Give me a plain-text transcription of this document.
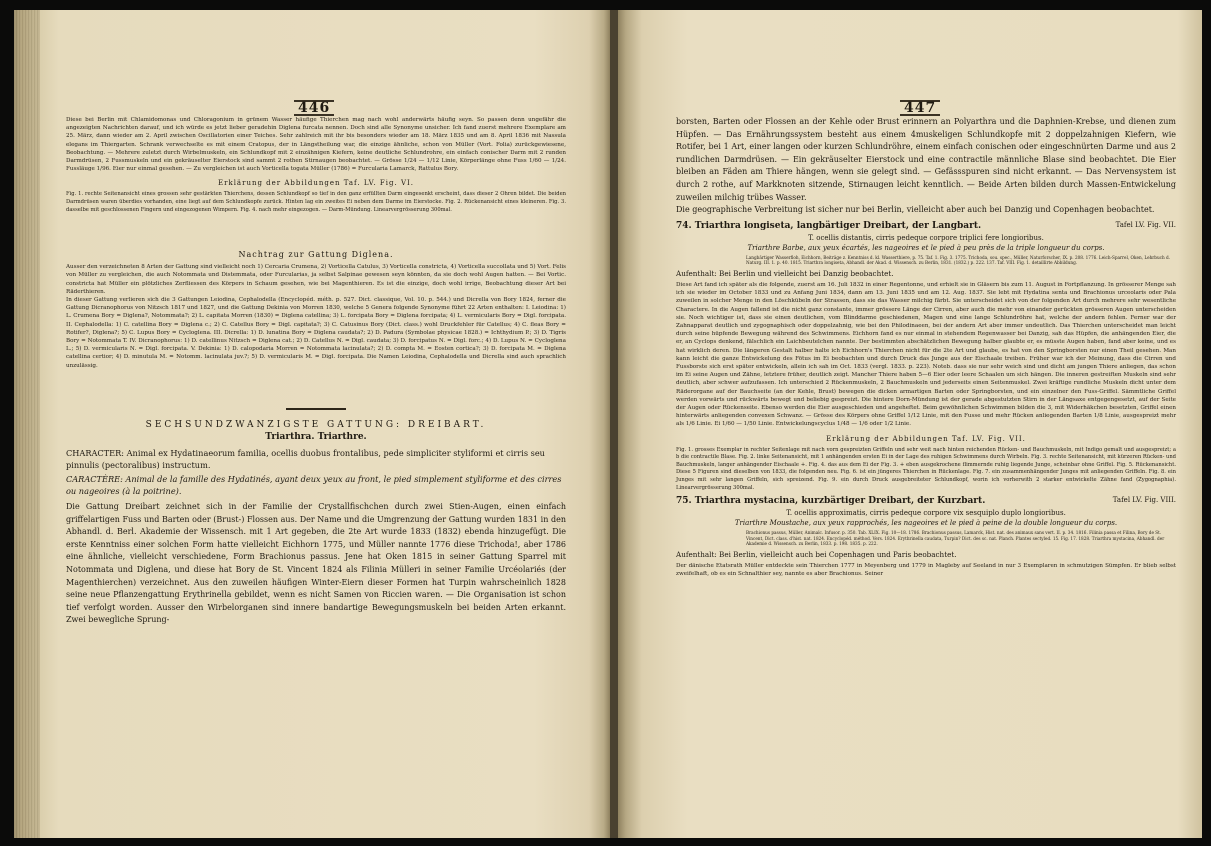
446

Diese bei Berlin mit Chlamidomonas und Chloragonium in grünem Wasser häufige Thierchen mag nach wohl anderwärts häufig seyn. So passen denn ungefähr die angezeigten Nachrichten darauf, und ich würde es jetzt lieber geradehin Diglena furcata nennen. Doch sind alle Synonyme unsicher. Ich fand zuerst mehrere Exemplare am 25. März, dann wieder am 2. April zwischen Oscillatorien einer Teiches. Sehr zahlreich mit ihr bis besonders wieder am 18. März 1835 und am 8. April 1836 mit Nassula elegans im Thiergarten. Schrank verwechselte es mit einem Cratopus, der in Längstheilung war, die einzige ähnliche, schon von Müller (Vort. Folia) zurückgewiesene, Beobachtung. — Mehrere zuletzt durch Wirbelmuskeln, ein Schlundkopf mit 2 einzähnigen Kiefern, keine deutliche Schlundrohre, ein einfach conischer Darm mit 2 runden Darmdrüsen, 2 Fussmuskeln und ein gekräuselter Eierstock sind sammt 2 rothen Stirnaugen beobachtet. — Grösse 1/24 — 1/12 Linie, Körperlänge ohne Fuss 1/60 — 1/24. Fussläuge 1/96. Eier nur einmal gesehen. — Zu vergleichen ist auch Vorticella togata Müller (1786) = Furcularia Lamarck, Rattulus Bory.

Erklärung der Abbildungen Taf. LV. Fig. VI.

Fig. 1. rechte Seitenansicht eines grossen sehr gestärkten Thierchens, dessen Schlundkopf so tief in den ganz erfüllten Darm eingesenkt erscheint, dass dieser 2 Ohren bildet. Die beiden Darmdrüsen waren überdies vorhanden, eine liegt auf dem Schlundkopfe zurück. Hinten lag ein zweites Ei neben dem Darme im Eierstocke. Fig. 2. Rückenansicht eines kleineren. Fig. 3. dasselbe mit geschlossenen Fingern und eingezogenen Wimpern. Fig. 4. nach mehr eingezogen. — Darm-Mündung. Linearvergrösserung 300mal.

Nachtrag zur Gattung Diglena.

Ausser den verzeichneten 8 Arten der Gattung sind vielleicht noch 1) Cercaria Crumena, 2) Vorticella Catulus, 3) Vorticella constricta, 4) Vorticella succollata und 5) Vort. Felis von Müller zu vergleichen, die auch Notommata und Distemmata, oder Furcularias, ja selbst Salpinae gewesen seyn könnten, da sie doch wohl Augen hatten. — Bei Vortic. constricta hat Müller ein plötzliches Zerfliessen des Körpers in Schaum gesehen, wie bei Magenthieren. Es ist die einzige, doch wohl irrige, Beobachtung dieser Art bei Räderthieren.

In dieser Gattung verlieren sich die 3 Gattungen Leiodina, Cephalodella (Encyclopéd. méth. p. 527. Dict. classique, Vol. 10. p. 544.) und Dicrella von Bory 1824, ferner die Gattung Dicranophorus von Nitzsch 1817 und 1827, und die Gattung Dekinia von Morren 1830, welche 5 Genera folgende Synonyme führt 22 Arten enthalten: I. Leiodina: 1) L. Crumena Bory = Diglena?, Notommata?; 2) L. capitata Morren (1830) = Diglena catellina; 3) L. forcipata Bory = Diglena forcipata; 4) L. vermicularis Bory = Digl. forcipata. II. Cephalodella: 1) C. catellina Bory = Diglena c.; 2) C. Catellus Bory = Digl. capitata?; 3) C. Catusinus Bory (Dict. class.) wohl Druckfehler für Catellus; 4) C. fleas Bory = Rotifer?, Diglena?; 5) C. Lupus Bory = Cycloglena. III. Dicrella: 1) D. lunatina Bory = Diglena caudata?; 2) D. Padura (Symbolae physicae 1828.) = Ichthydium P.; 3) D. Tigris Bory = Notommata T. IV. Dicranophorus: 1) D. catellinus Nitzsch = Diglena cat.; 2) D. Catellus N. = Digl. caudata; 3) D. forcipatus N. = Digl. forc.; 4) D. Lupus N. = Cycloglena L.; 5) D. vermicularis N. = Digl. forcipata. V. Dekinia: 1) D. calopodaria Morren = Notommata lacinulata?; 2) D. compta M. = Eosten cortica?; 3) D. forcipata M. = Diglena catellina certior; 4) D. minutula M. = Notomm. lacinulata juv.?; 5) D. vermicularis M. = Digl. forcipata. Die Namen Leiodina, Cephalodella und Dicrella sind auch sprachlich unzulässig.

SECHSUNDZWANZIGSTE GATTUNG: DREIBART.
Triarthra. Triarthre.

CHARACTER: Animal ex Hydatinaeorum familia, ocellis duobus frontalibus, pede simpliciter styliformi et cirris seu pinnulis (pectoralibus) instructum.

CARACTÈRE: Animal de la famille des Hydatinés, ayant deux yeux au front, le pied simplement styliforme et des cirres ou nageoires (à la poitrine).

Die Gattung Dreibart zeichnet sich in der Familie der Crystallfischchen durch zwei Stien-Augen, einen einfach griffelartigen Fuss und Barten oder (Brust-) Flossen aus. Der Name und die Umgrenzung der Gattung wurden 1831 in den Abhandl. d. Berl. Akademie der Wissensch. mit 1 Art gegeben, die 2te Art wurde 1833 (1832) ebenda hinzugefügt. Die erste Kenntniss einer solchen Form hatte vielleicht Eichhorn 1775, und Müller nannte 1776 diese Trichoda!, aber 1786 eine ähnliche, vielleicht verschiedene, Form Brachionus passus. Jene hat Oken 1815 in seiner Gattung Sparrel mit Notommata und Diglena, und diese hat Bory de St. Vincent 1824 als Filinia Mülleri in seiner Familie Urcéolariés (der Magenthierchen) verzeichnet. Aus den zuweilen häufigen Winter-Eiern dieser Formen hat Turpin wahrscheinlich 1828 seine neue Pflanzengattung Erythrinella gebildet, wenn es nicht Samen von Riccien waren. — Die Organisation ist schon tief verfolgt worden. Ausser den Wirbelorganen sind innere bandartige Bewegungsmuskeln bei beiden Arten erkannt. Zwei bewegliche Sprung-

447

borsten, Barten oder Flossen an der Kehle oder Brust erinnern an Polyarthra und die Daphnien-Krebse, und dienen zum Hüpfen. — Das Ernährungssystem besteht aus einem 4muskeligen Schlundkopfe mit 2 doppelzahnigen Kiefern, wie Rotifer, bei 1 Art, einer langen oder kurzen Schlundröhre, einem einfach conischen oder eingeschnürten Darme und aus 2 rundlichen Darmdrüsen. — Ein gekräuselter Eierstock und eine contractile männliche Blase sind beobachtet. Die Eier bleiben an Fäden am Thiere hängen, wenn sie gelegt sind. — Gefässspuren sind nicht erkannt. — Das Nervensystem ist durch 2 rothe, auf Markknoten sitzende, Stirnaugen leicht kenntlich. — Beide Arten bilden durch Massen-Entwickelung zuweilen milchig trübes Wasser.

Die geographische Verbreitung ist sicher nur bei Berlin, vielleicht aber auch bei Danzig und Copenhagen beobachtet.

74. Triarthra longiseta, langbärtiger Dreibart, der Langbart.	Tafel LV. Fig. VII.

T. ocellis distantis, cirris pedeque corpore triplici fere longioribus.

Triarthre Barbe, aux yeux écartés, les nageoires et le pied à peu près de la triple longueur du corps.

Langbärtiger Wasserfloh, Eichhorn, Beiträge z. Kenntniss d. kl. Wasserthiere, p. 75. Taf. 1. Fig. 3. 1775. Trichoda, sou. spec., Müller, Naturforscher, IX. p. 208. 1776. Leich-Sparrel, Oken, Lehrbuch d. Naturg. III. 1. p. 40. 1815. Triarthra longiseta, Abhandl. der Akad. d. Wissensch. zu Berlin, 1831. (1832.) p. 222. 137. Taf. VIII. Fig. 1. detaillirte Abbildung.

Aufenthalt: Bei Berlin und vielleicht bei Danzig beobachtet.

Diese Art fand ich später als die folgende, zuerst am 16. Juli 1832 in einer Regentonne, und erhielt sie in Gläsern bis zum 11. August in Fortpflanzung. In grösserer Menge sah ich sie wieder im October 1833 und zu Anfang Juni 1834, dann am 13. Juni 1835 und am 12. Aug. 1837. Sie lebt mit Hydatina senta und Brachionus urceolaris oder Pala zuweilen in solcher Menge in den Löschkübeln der Strassen, dass sie das Wasser milchig färbt. Sie unterscheidet sich von der folgenden Art durch mehrere sehr wesentliche Charactere. In die Augen fallend ist die nicht ganz constante, immer grössere Länge der Cirren, aber auch die mehr von einander gerückten grösseren Augen unterscheiden sie. Noch wichtiger ist, dass sie einen deutlichen, vom Blinddarme geschiedenen, Magen und eine lange Schlundröhre hat, welche der andern fehlen. Ferner war der Zahnapparat deutlich und zygognaphisch oder doppelzahnig, wie bei den Philodinaeen, bei der andern Art aber immer undeutlich. Das Thierchen unterscheidet man leicht durch seine hüpfende Bewegung während des Schwimmens. Eichhorn fand es nur einmal in stehendem Regenwasser bei Danzig, sah das Hüpfen, die anhängenden Eier, die er, an Cyclops denkend, fälschlich ein Laichbeutelchen nannte. Der bestimmten abschätzlichen Bewegung halber glaubte er, es müsste Augen haben, fand aber keine, und es hat wirklich deren. Die längeren Gestalt halber halte ich Eichhorn's Thierchen nicht für die 2te Art und glaube, es hat von den Springborsten nur einen Theil gesehen. Man kann leicht die ganze Entwickelung des Fötus im Ei beobachten und durch Druck das Junge aus der Eischaale treiben. Früher war ich der Meinung, dass die Cirren und Fussborste sich erst später entwickeln, allein ich sah im Oct. 1833 (vergl. 1833. p. 223). Noteb. dass sie nur sehr weich sind und dicht am jungen Thiere anliegen, das schon im Ei seine Augen und Zähne, letztere früher, deutlich zeigt. Mancher Thiere haben 5—6 Eier oder leere Schaalen um sich hängen. Die inneren gestreiften Muskeln sind sehr deutlich, aber schwer aufzufassen. Ich unterschied 2 Rückenmuskeln, 2 Bauchmuskeln und jederseits einen Seitenmuskel. Zwei kräftige rundliche Muskeln dicht unter dem Räderorgane auf der Bauchseite (an der Kehle, Brust) bewegen die dicken armartigen Barten oder Springborsten, und ein einzelner den Fuss-Griffel. Sämmtliche Griffel werden vorwärts und rückwärts bewegt und beliebig gespreizt. Die hintere Dorn-Mündung ist der gerade abgestutzten Stirn in der Längsaxe entgegengesetzt, auf der Seite der Augen oder Rückenseite. Ebenso werden die Eier ausgeschieden und angeheftet. Beim gewöhnlichen Schwimmen bilden die 3, mit Widerhäkchen besetzten, Griffel einen hinterwärts anliegenden convexen Schwanz. — Grösse des Körpers ohne Griffel 1/12 Linie, mit den Fusse und mehr Rücken anliegenden Barten 1/8 Linie, ausgespreizt mehr als 1/6 Linie. Ei 1/60 — 1/50 Linie. Entwickelungscyclus 1/48 — 1/6 oder 1/2 Linie.

Erklärung der Abbildungen Taf. LV. Fig. VII.

Fig. 1. grosses Exemplar in rechter Seitenlage mit nach vorn gespreizten Griffeln und sehr weit nach hinten reichenden Rücken- und Bauchmuskeln, mit Indigo gemalt und ausgespreizt; a b die contractile Blase. Fig. 2. linke Seitenansicht, mit 1 anhängenden ersten Ei in der Lage des ruhigen Schwimmens durch Wirbeln. Fig. 3. rechte Seitenansicht, mit kürzeren Rücken- und Bauchmuskeln, langer anhängender Eischaale +. Fig. 4. das aus dem Ei der Fig. 3. + eben ausgekrochene flimmernde ruhig liegende Junge, scheinbar ohne Griffel. Fig. 5. Rückenansicht. Diese 5 Figuren sind dieselben von 1833, die folgenden neu. Fig. 6. ist ein jüngeres Thierchen in Rückenlage. Fig. 7. ein zusammenhängender Junges mit anliegenden Griffeln. Fig. 8. ein Junges mit sehr langen Griffeln, sich spreizend. Fig. 9. ein durch Druck ausgebreiteter Schlundkopf, worin ich vorherwith 2 starker entwickelte Zähne fand (Zygognaphia). Linearvergrösserung 300mal.

75. Triarthra mystacina, kurzbärtiger Dreibart, der Kurzbart.	Tafel LV. Fig. VIII.

T. ocellis approximatis, cirris pedeque corpore vix sesquiplo duplo longioribus.

Triarthre Moustache, aux yeux rapprochés, les nageoires et le pied à peine de la double longueur du corps.

Brachionus passus, Müller, Animalc. Infusor. p. 350. Tab. XLIX. Fig. 10—18. 1786. Brachionus passus, Lamarck, Hist. nat. des animaux sans vert. II. p. 34. 1816. Filinia passa et Filina, Bory de St. Vincent, Dict. class. d'hist. nat. 1824. Encyclopéd. méthod. Vers. 1824. Erythrinella caudata, Turpin? Dict. des sc. nat. Planch. Plantes sectyled. 15. Fig. 17. 1828. Triarthra mystacina, Abhandl. der Akademie d. Wissensch. zu Berlin, 1833. p. 198. 1835. p. 222.

Aufenthalt: Bei Berlin, vielleicht auch bei Copenhagen und Paris beobachtet.

Der dänische Etatsrath Müller entdeckte sein Thierchen 1777 in Meyenberg und 1779 in Magleby auf Seeland in nur 3 Exemplaren in schmutzigen Sümpfen. Er blieb selbst zweifelhaft, ob es ein Schnalthier sey, nannte es aber Brachionus. Seiner
